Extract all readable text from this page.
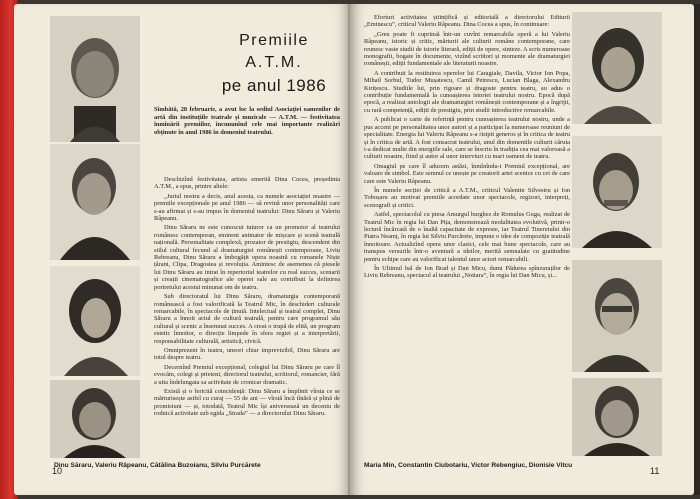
Premiile
A.T.M.
pe anul 1986
Sîmbătă, 28 februarie, a avut loc la sediul Asociației oamenilor de artă din instituțiile teatrale și muzicale — A.T.M. — festivitatea înmînării premiilor, încununînd cele mai importante realizări obținute în anul 1986 în domeniul teatrului.

Deschizînd festivitatea, artista emerită Dina Cocea, președinta A.T.M., a spus, printre altele:

„Juriul nostru a decis, anul acesta, ca numele asociației noastre — premiile excepționale pe anul 1986 — să revină unor personalități care s-au afirmat și s-au impus în domeniul teatrului: Dinu Săraru și Valeriu Râpeanu.

Dinu Săraru ne este cunoscut tuturor ca un promotor al teatrului românesc contemporan, eminent animator de mișcare și scenă teatrală națională. Personalitate complexă, prozator de prestigiu, descendent din stilul cultural fecund al dramaturgiei românești contemporane, Liviu Rebreanu, Dinu Săraru a îmbogățit opera noastră cu romanele Niște țărani, Clipa, Dragostea și revoluția. Amintesc de asemenea că piesele lui Dinu Săraru au intrat în repertoriul teatrelor cu real succes, scenarii și creații cinematografice ale operei sale au contribuit la definirea portretului acestui minunat om de teatru.

Sub directoratul lui Dinu Săraru, dramaturgia contemporană românească a fost valorificată la Teatrul Mic, în deschideri culturale remarcabile, în spectacole de ținută. Intelectual și teatral complet, Dinu Săraru a înnoit actul de cultură teatrală, pentru care programul său cultural și scenic a însemnat succes. A creat o trupă de elită, un program estetic înnoitor, o direcție limpede în sfera regiei și a interpretării, responsabilitate culturală, artistică, civică.

Omniprezent în teatru, uneori chiar imprevizibil, Dinu Săraru are totul despre teatru.

Decernînd Premiul excepțional, colegiul lui Dinu Săraru pe care îl evocăm, colegi și prieteni, directorul teatrului, scriitorul, romancier, fără a uita îndelungata sa activitate de cronicar dramatic.

Există și o fericită coincidență: Dinu Săraru a împlinit vîrsta ce se mărturisește astfel cu curaj — 55 de ani — vîrstă încă tînără și plină de promisiuni — și, totodată, Teatrul Mic își aniversează un deceniu de rodnică activitate sub egida „Strada” — a directorului Dinu Săraru.

Dinu Săraru, Valeriu Râpeanu, Cătălina Buzoianu, Silviu Purcărete
10

Eforturi activitatea științifică și editorială a directorului Editurii „Eminescu”, criticul Valeriu Râpeanu. Dina Cocea a spus, în continuare:

„Greu poate fi cuprinsă într-un cuvînt remarcabila operă a lui Valeriu Râpeanu, istoric și critic, mărturii ale culturii române contemporane, care reunesc vaste studii de istorie literară, ediții de opere, sinteze. A scris numeroase monografii, bogate în documente, vizînd scriitori și momente ale dramaturgiei românești, ediții fundamentale ale literaturii noastre.

A contribuit la restituirea operelor lui Caragiale, Davila, Victor Ion Popa, Mihail Sorbul, Tudor Mușatescu, Camil Petrescu, Lucian Blaga, Alexandru Kirițescu. Studiile lui, prin rigoare și dragoste pentru teatru, au adus o contribuție fundamentală la cunoașterea istoriei teatrului nostru. Epocă după epocă, a realizat antologii ale dramaturgiei românești contemporane și a îngrijit, cu rară competență, ediții de prestigiu, prin studii introductive remarcabile.

A publicat o carte de referință pentru cunoașterea teatrului nostru, unde a pus accent pe personalitatea unor autori și a participat la numeroase reuniuni de specialitate. Energia lui Valeriu Râpeanu s-a risipit generos și în critica de teatru și în critica de artă. A fost consacrat teatrului, unul din domeniile culturii căruia i-a dedicat multe din energiile sale, care se înscriu în tradiția cea mai valoroasă a culturii noastre, fiind și autor al unor interviuri cu mari oameni de teatru.

Omagiul pe care îl aducem astăzi, înmînîndu-i Premiul excepțional, are valoare de simbol. Este semnul ce unește pe creatorii artei scenice cu cei de care care este Valeriu Râpeanu.

În numele secției de critică a A.T.M., criticul Valentin Silvestru și Ion Toboșaru au motivat premiile acordate unor spectacole, regizori, interpreți, scenografi și critici.

Astfel, spectacolul cu piesa Amurgul burghez de Romulus Guga, realizat de Teatrul Mic în regia lui Dan Pița, demonstrează modalitatea evolutivă, printr-o lectură încărcată de o înaltă capacitate de expresie, iar Teatrul Tineretului din Piatra Neamț, în regia lui Silviu Purcărete, impune o idee de compoziție teatrală înnoitoare. Actualizînd opera unor clasici, cele mai bune spectacole, care au transpus versurile într-o aventură a ideilor, merită semnalate cu gratitudine pentru echipe care au valorificat talentul unor actori remarcabili.

În Ultimul bal de Ion Brad și Dan Micu, dumi Pădurea spînzuraților de Liviu Rebreanu, spectacol al teatrului „Nottara”, în regia lui Dan Micu, și...

Maria Min, Constantin Ciubotariu, Victor Rebengiuc, Dionisie Vitcu
11
